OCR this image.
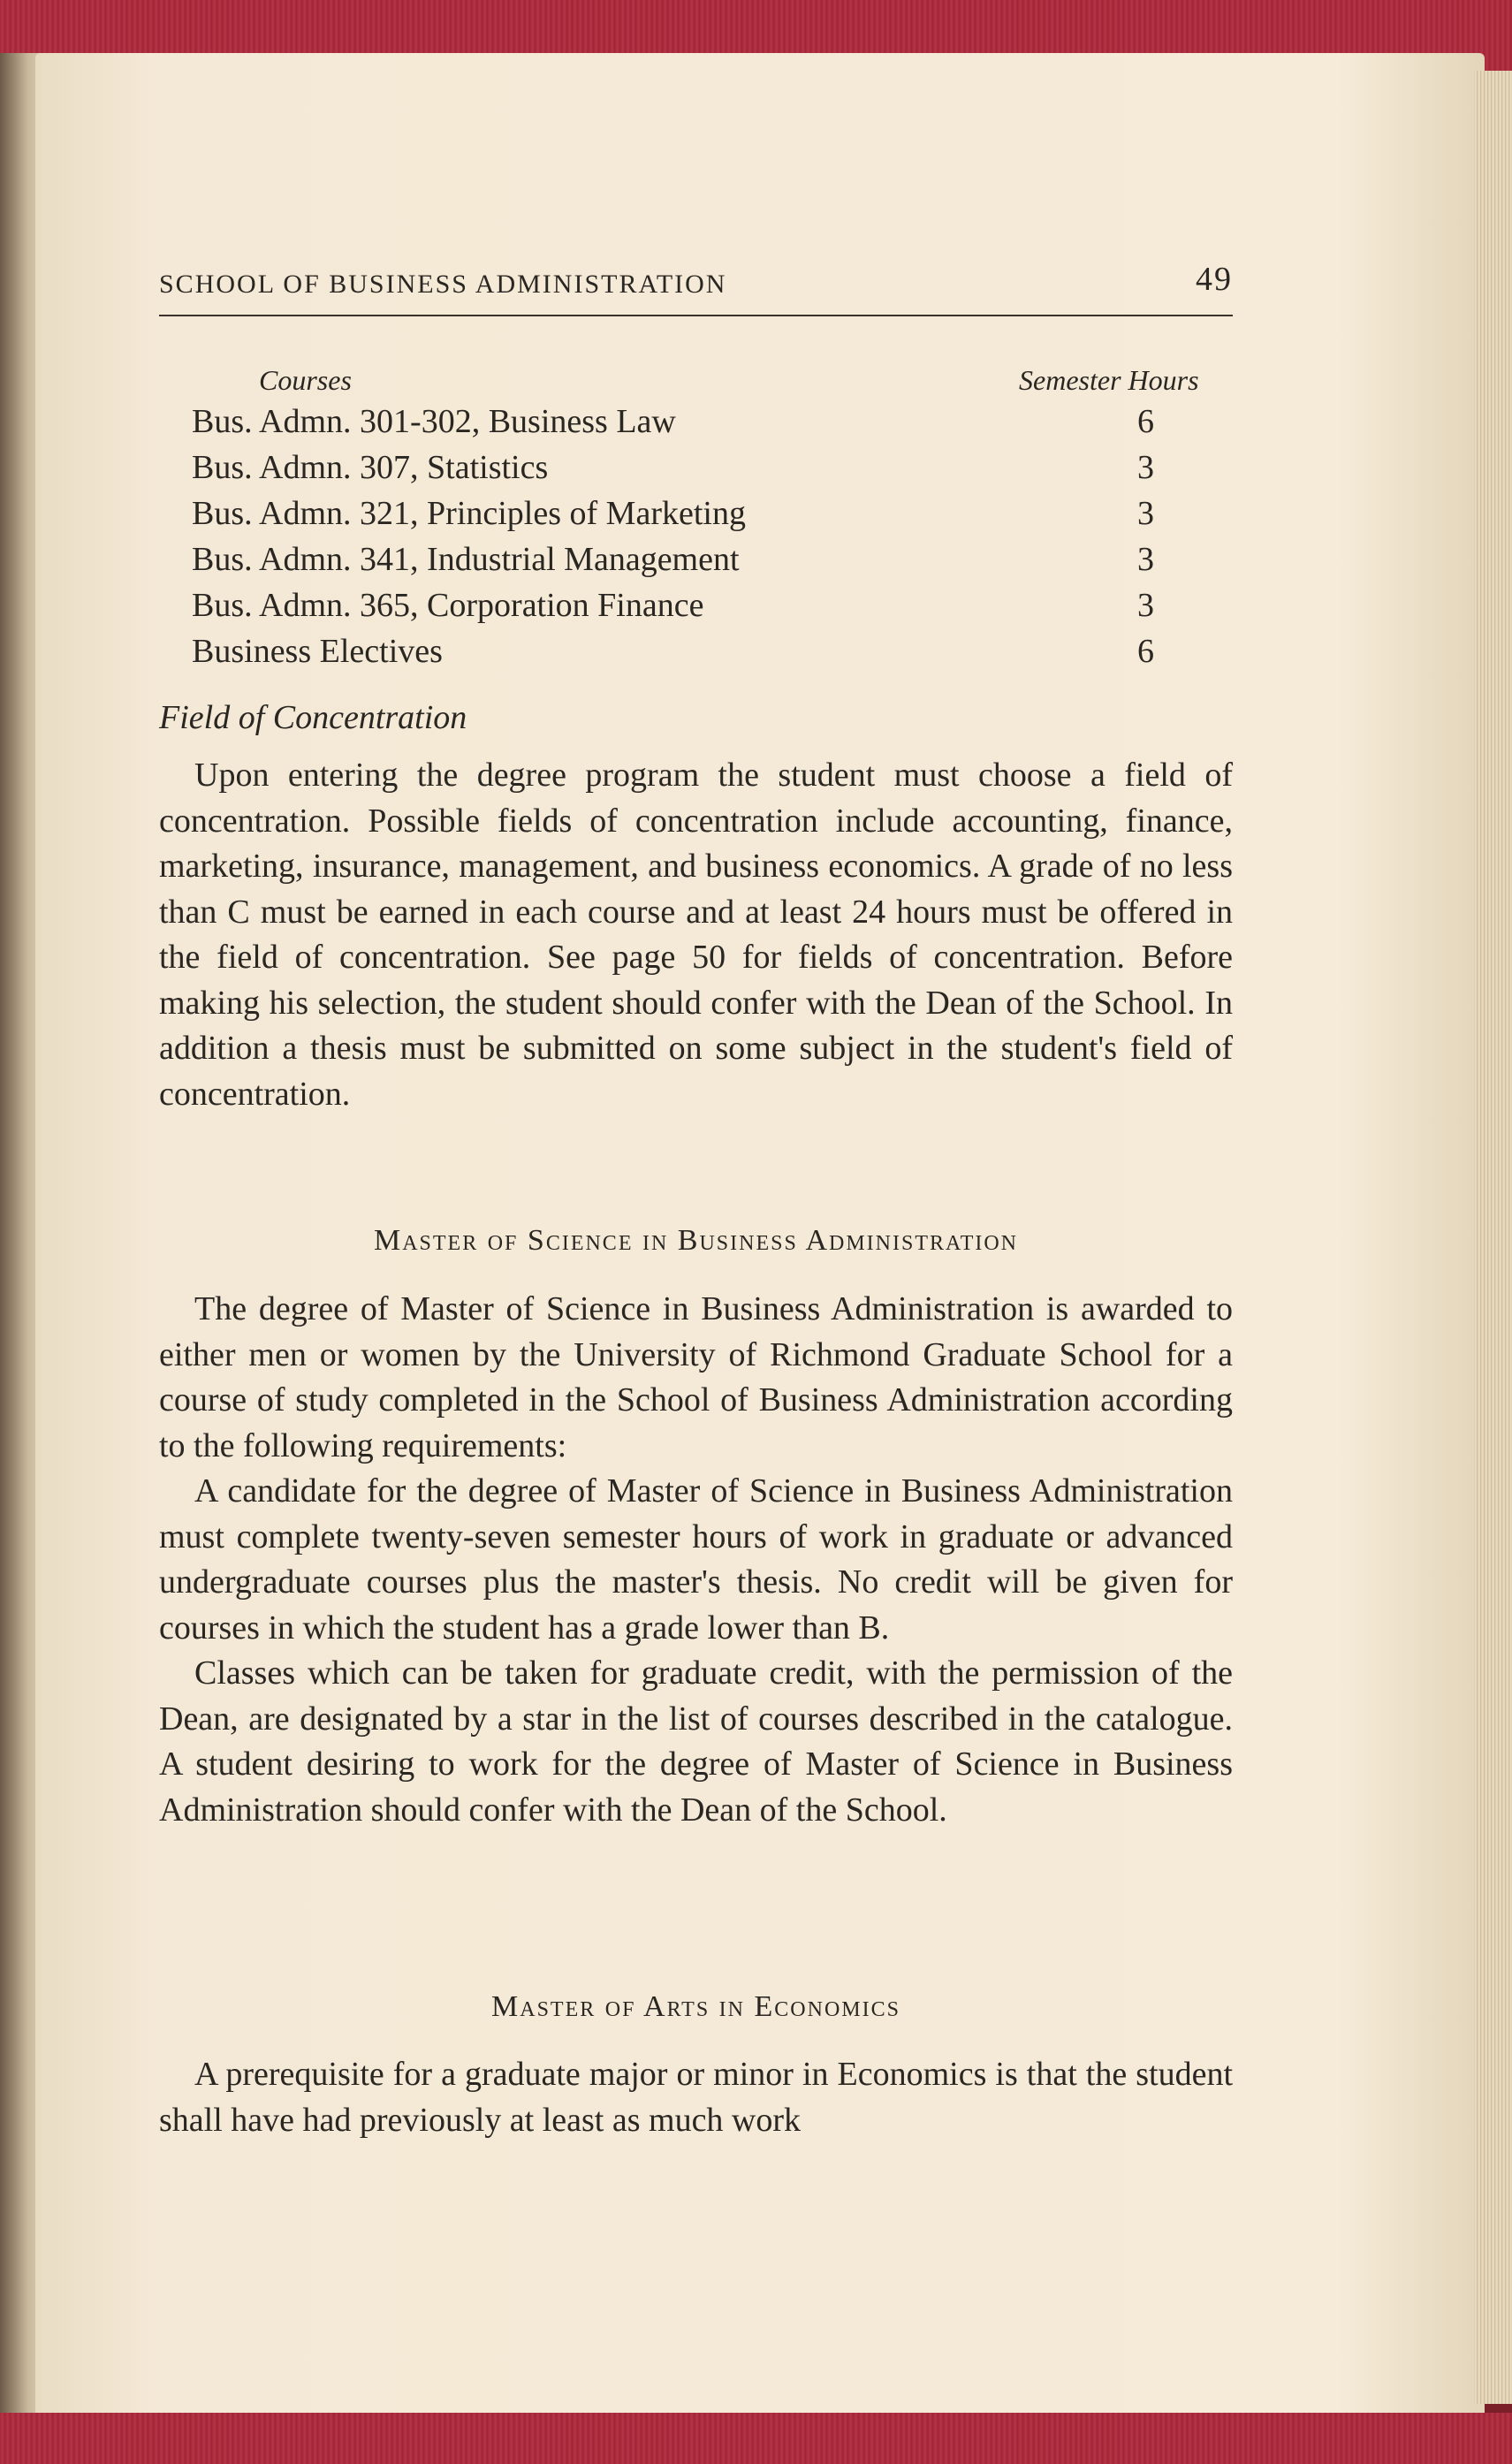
SCHOOL OF BUSINESS ADMINISTRATION	49
Courses	Semester Hours
Bus. Admn. 301-302, Business Law	6
Bus. Admn. 307, Statistics	3
Bus. Admn. 321, Principles of Marketing	3
Bus. Admn. 341, Industrial Management	3
Bus. Admn. 365, Corporation Finance	3
Business Electives	6
Field of Concentration

Upon entering the degree program the student must choose a field of concentration. Possible fields of concentration include accounting, finance, marketing, insurance, management, and business economics. A grade of no less than C must be earned in each course and at least 24 hours must be offered in the field of concentration. See page 50 for fields of concentration. Before making his selection, the student should confer with the Dean of the School. In addition a thesis must be submitted on some subject in the student's field of concentration.

Master of Science in Business Administration

The degree of Master of Science in Business Administration is awarded to either men or women by the University of Richmond Graduate School for a course of study completed in the School of Business Administration according to the following requirements:

A candidate for the degree of Master of Science in Business Administration must complete twenty-seven semester hours of work in graduate or advanced undergraduate courses plus the master's thesis. No credit will be given for courses in which the student has a grade lower than B.

Classes which can be taken for graduate credit, with the permission of the Dean, are designated by a star in the list of courses described in the catalogue. A student desiring to work for the degree of Master of Science in Business Administration should confer with the Dean of the School.

Master of Arts in Economics

A prerequisite for a graduate major or minor in Economics is that the student shall have had previously at least as much work
